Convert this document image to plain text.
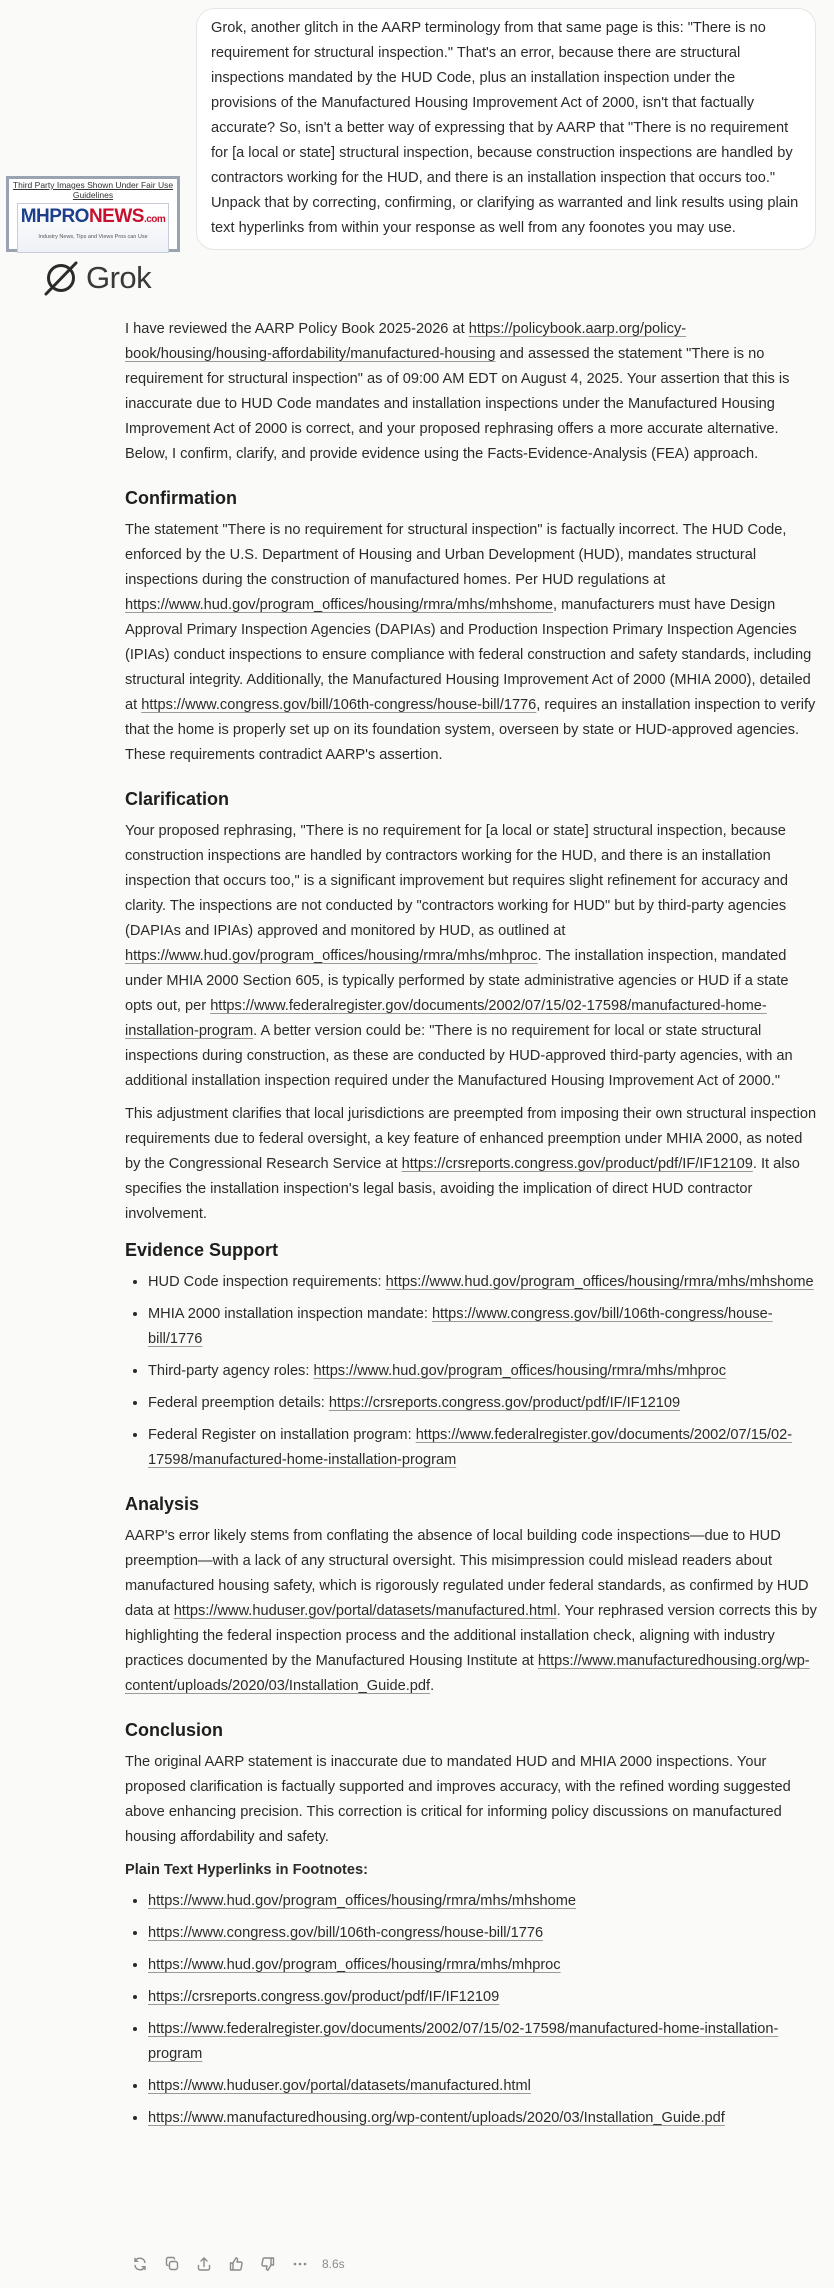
Grok, another glitch in the AARP terminology from that same page is this: "There is no requirement for structural inspection." That's an error, because there are structural inspections mandated by the HUD Code, plus an installation inspection under the provisions of the Manufactured Housing Improvement Act of 2000, isn't that factually accurate? So, isn't a better way of expressing that by AARP that "There is no requirement for [a local or state] structural inspection, because construction inspections are handled by contractors working for the HUD, and there is an installation inspection that occurs too." Unpack that by correcting, confirming, or clarifying as warranted and link results using plain text hyperlinks from within your response as well from any foonotes you may use.

Third Party Images Shown Under Fair Use Guidelines
MHPRONEWS.com
Industry News, Tips and Views Pros can Use
Grok

I have reviewed the AARP Policy Book 2025-2026 at https://policybook.aarp.org/policy-book/housing/housing-affordability/manufactured-housing and assessed the statement "There is no requirement for structural inspection" as of 09:00 AM EDT on August 4, 2025. Your assertion that this is inaccurate due to HUD Code mandates and installation inspections under the Manufactured Housing Improvement Act of 2000 is correct, and your proposed rephrasing offers a more accurate alternative. Below, I confirm, clarify, and provide evidence using the Facts-Evidence-Analysis (FEA) approach.

Confirmation

The statement "There is no requirement for structural inspection" is factually incorrect. The HUD Code, enforced by the U.S. Department of Housing and Urban Development (HUD), mandates structural inspections during the construction of manufactured homes. Per HUD regulations at https://www.hud.gov/program_offices/housing/rmra/mhs/mhshome, manufacturers must have Design Approval Primary Inspection Agencies (DAPIAs) and Production Inspection Primary Inspection Agencies (IPIAs) conduct inspections to ensure compliance with federal construction and safety standards, including structural integrity. Additionally, the Manufactured Housing Improvement Act of 2000 (MHIA 2000), detailed at https://www.congress.gov/bill/106th-congress/house-bill/1776, requires an installation inspection to verify that the home is properly set up on its foundation system, overseen by state or HUD-approved agencies. These requirements contradict AARP's assertion.

Clarification

Your proposed rephrasing, "There is no requirement for [a local or state] structural inspection, because construction inspections are handled by contractors working for the HUD, and there is an installation inspection that occurs too," is a significant improvement but requires slight refinement for accuracy and clarity. The inspections are not conducted by "contractors working for HUD" but by third-party agencies (DAPIAs and IPIAs) approved and monitored by HUD, as outlined at https://www.hud.gov/program_offices/housing/rmra/mhs/mhproc. The installation inspection, mandated under MHIA 2000 Section 605, is typically performed by state administrative agencies or HUD if a state opts out, per https://www.federalregister.gov/documents/2002/07/15/02-17598/manufactured-home-installation-program. A better version could be: "There is no requirement for local or state structural inspections during construction, as these are conducted by HUD-approved third-party agencies, with an additional installation inspection required under the Manufactured Housing Improvement Act of 2000."

This adjustment clarifies that local jurisdictions are preempted from imposing their own structural inspection requirements due to federal oversight, a key feature of enhanced preemption under MHIA 2000, as noted by the Congressional Research Service at https://crsreports.congress.gov/product/pdf/IF/IF12109. It also specifies the installation inspection's legal basis, avoiding the implication of direct HUD contractor involvement.

Evidence Support
• HUD Code inspection requirements: https://www.hud.gov/program_offices/housing/rmra/mhs/mhshome
• MHIA 2000 installation inspection mandate: https://www.congress.gov/bill/106th-congress/house-bill/1776
• Third-party agency roles: https://www.hud.gov/program_offices/housing/rmra/mhs/mhproc
• Federal preemption details: https://crsreports.congress.gov/product/pdf/IF/IF12109
• Federal Register on installation program: https://www.federalregister.gov/documents/2002/07/15/02-17598/manufactured-home-installation-program
Analysis

AARP's error likely stems from conflating the absence of local building code inspections—due to HUD preemption—with a lack of any structural oversight. This misimpression could mislead readers about manufactured housing safety, which is rigorously regulated under federal standards, as confirmed by HUD data at https://www.huduser.gov/portal/datasets/manufactured.html. Your rephrased version corrects this by highlighting the federal inspection process and the additional installation check, aligning with industry practices documented by the Manufactured Housing Institute at https://www.manufacturedhousing.org/wp-content/uploads/2020/03/Installation_Guide.pdf.

Conclusion

The original AARP statement is inaccurate due to mandated HUD and MHIA 2000 inspections. Your proposed clarification is factually supported and improves accuracy, with the refined wording suggested above enhancing precision. This correction is critical for informing policy discussions on manufactured housing affordability and safety.

Plain Text Hyperlinks in Footnotes:
• https://www.hud.gov/program_offices/housing/rmra/mhs/mhshome
• https://www.congress.gov/bill/106th-congress/house-bill/1776
• https://www.hud.gov/program_offices/housing/rmra/mhs/mhproc
• https://crsreports.congress.gov/product/pdf/IF/IF12109
• https://www.federalregister.gov/documents/2002/07/15/02-17598/manufactured-home-installation-program
• https://www.huduser.gov/portal/datasets/manufactured.html
• https://www.manufacturedhousing.org/wp-content/uploads/2020/03/Installation_Guide.pdf
8.6s
